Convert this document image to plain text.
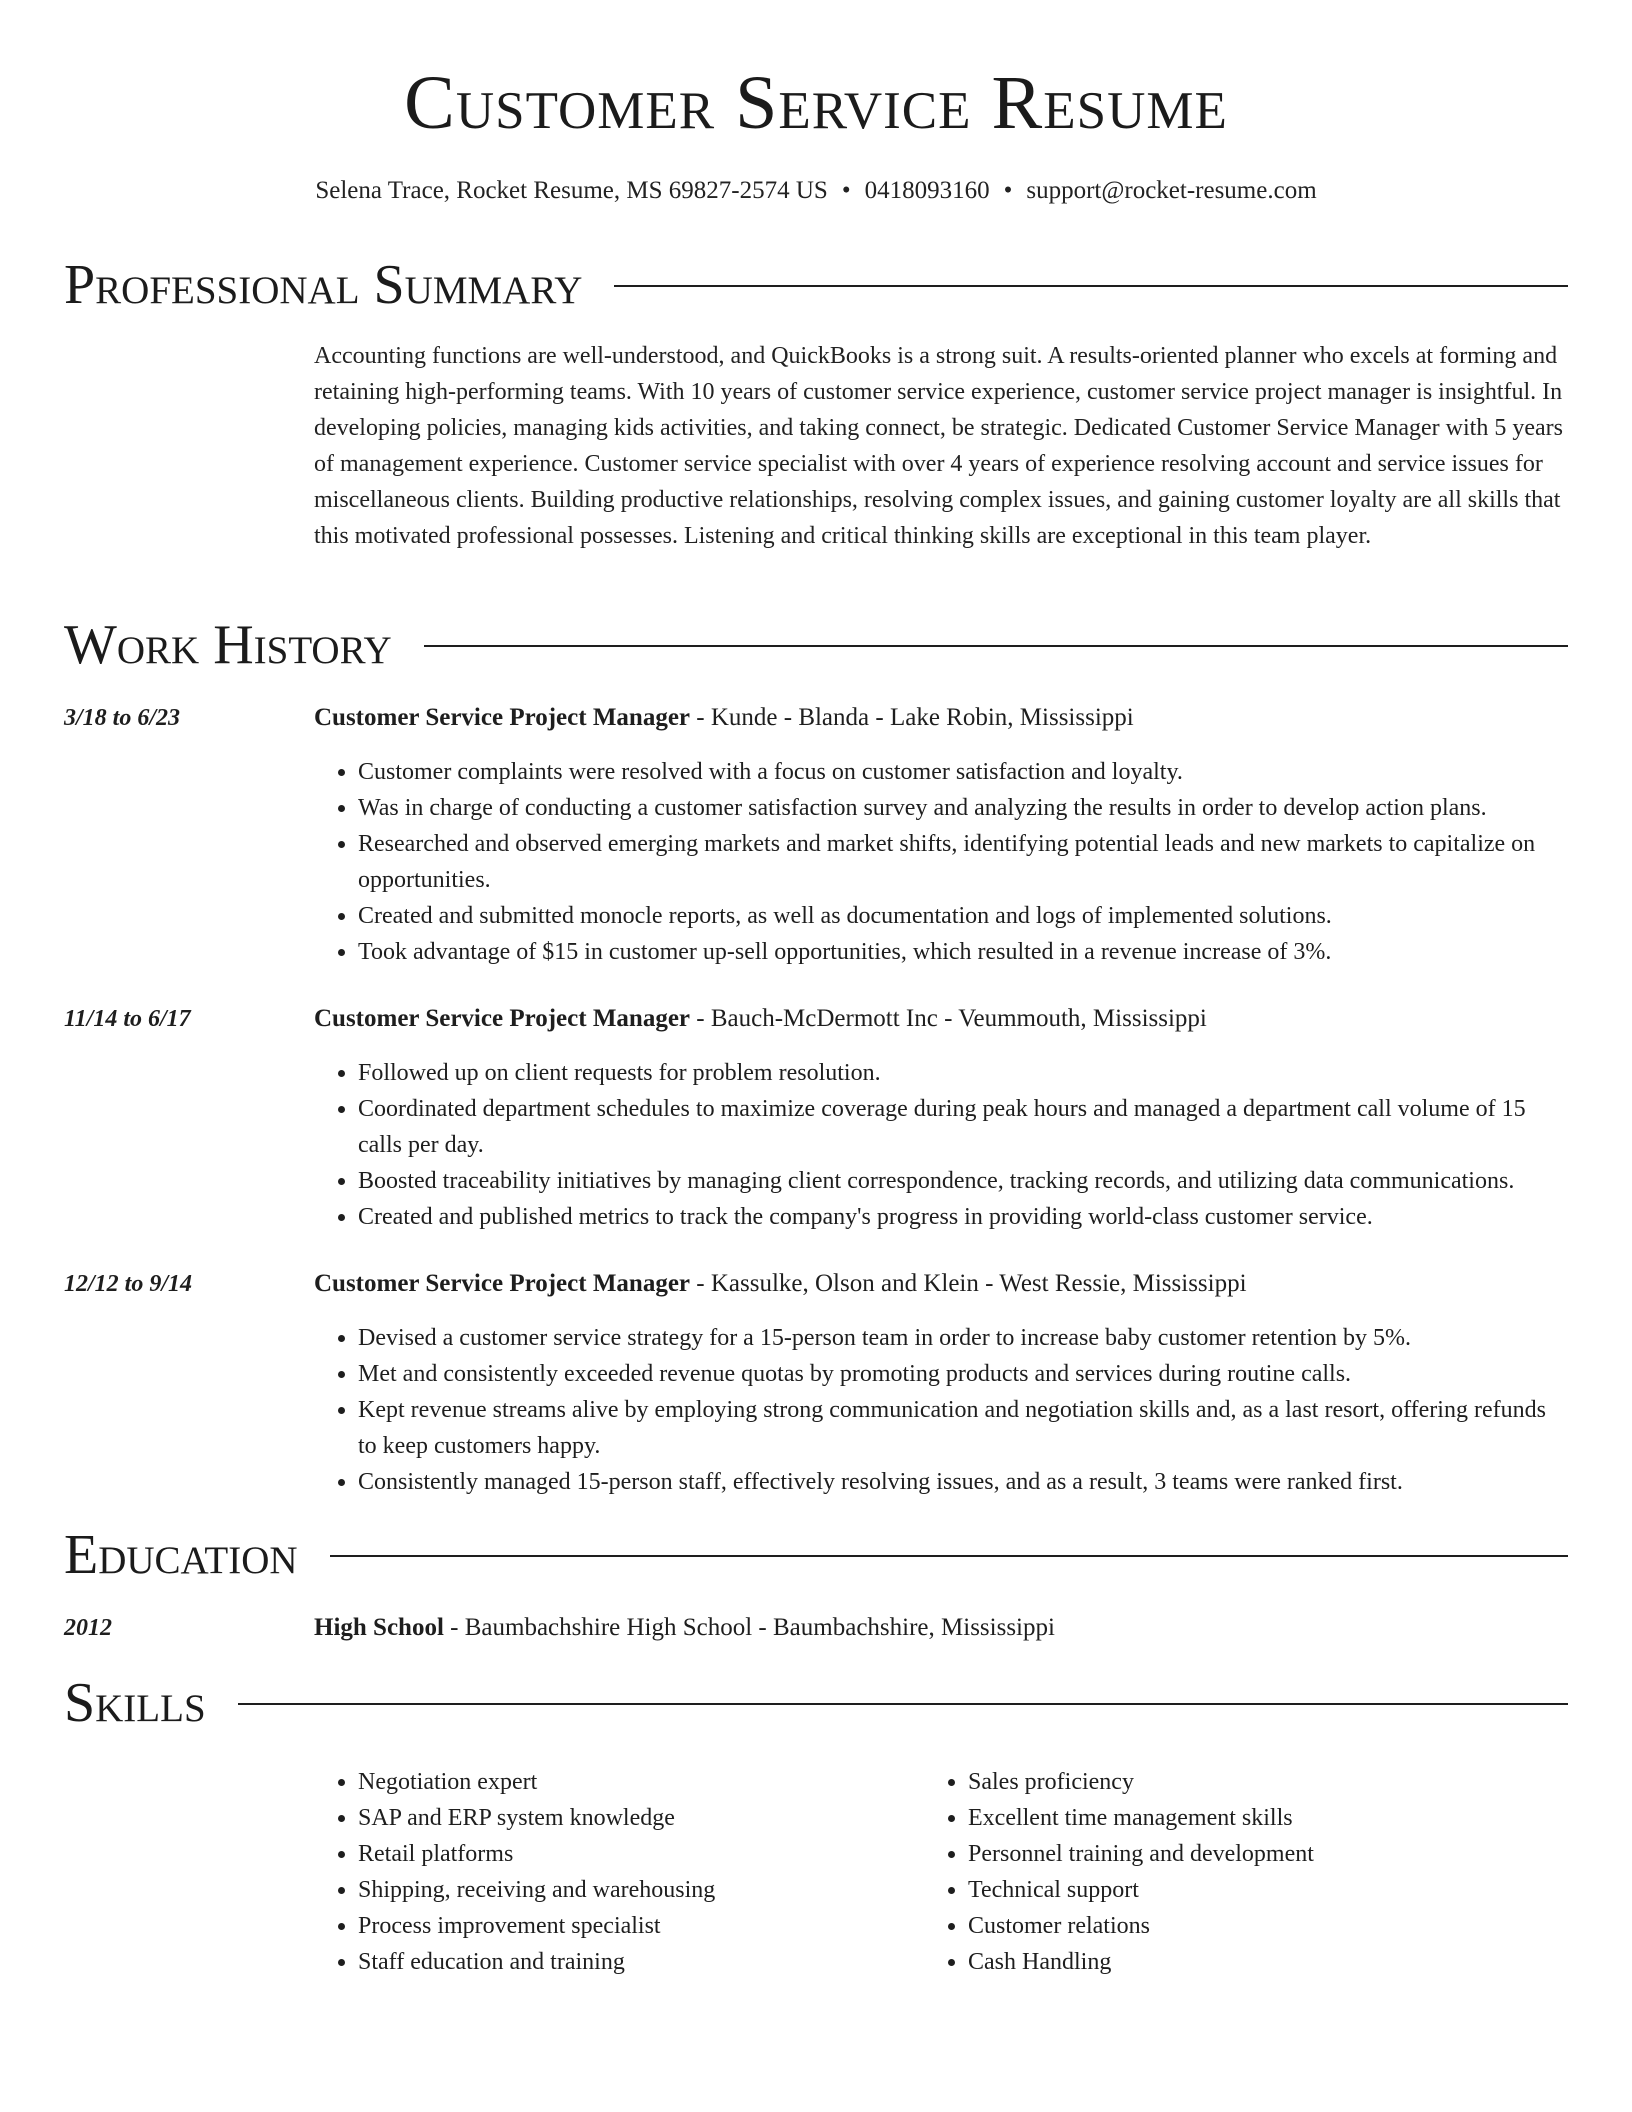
Customer Service Resume
Selena Trace, Rocket Resume, MS 69827-2574 US • 0418093160 • support@rocket-resume.com
Professional Summary
Accounting functions are well-understood, and QuickBooks is a strong suit. A results-oriented planner who excels at forming and retaining high-performing teams. With 10 years of customer service experience, customer service project manager is insightful. In developing policies, managing kids activities, and taking connect, be strategic. Dedicated Customer Service Manager with 5 years of management experience. Customer service specialist with over 4 years of experience resolving account and service issues for miscellaneous clients. Building productive relationships, resolving complex issues, and gaining customer loyalty are all skills that this motivated professional possesses. Listening and critical thinking skills are exceptional in this team player.
Work History
3/18 to 6/23	Customer Service Project Manager - Kunde - Blanda - Lake Robin, Mississippi
• Customer complaints were resolved with a focus on customer satisfaction and loyalty.
• Was in charge of conducting a customer satisfaction survey and analyzing the results in order to develop action plans.
• Researched and observed emerging markets and market shifts, identifying potential leads and new markets to capitalize on opportunities.
• Created and submitted monocle reports, as well as documentation and logs of implemented solutions.
• Took advantage of $15 in customer up-sell opportunities, which resulted in a revenue increase of 3%.
11/14 to 6/17	Customer Service Project Manager - Bauch-McDermott Inc - Veummouth, Mississippi
• Followed up on client requests for problem resolution.
• Coordinated department schedules to maximize coverage during peak hours and managed a department call volume of 15 calls per day.
• Boosted traceability initiatives by managing client correspondence, tracking records, and utilizing data communications.
• Created and published metrics to track the company's progress in providing world-class customer service.
12/12 to 9/14	Customer Service Project Manager - Kassulke, Olson and Klein - West Ressie, Mississippi
• Devised a customer service strategy for a 15-person team in order to increase baby customer retention by 5%.
• Met and consistently exceeded revenue quotas by promoting products and services during routine calls.
• Kept revenue streams alive by employing strong communication and negotiation skills and, as a last resort, offering refunds to keep customers happy.
• Consistently managed 15-person staff, effectively resolving issues, and as a result, 3 teams were ranked first.
Education
2012	High School - Baumbachshire High School - Baumbachshire, Mississippi
Skills
• Negotiation expert
• SAP and ERP system knowledge
• Retail platforms
• Shipping, receiving and warehousing
• Process improvement specialist
• Staff education and training
• Sales proficiency
• Excellent time management skills
• Personnel training and development
• Technical support
• Customer relations
• Cash Handling
